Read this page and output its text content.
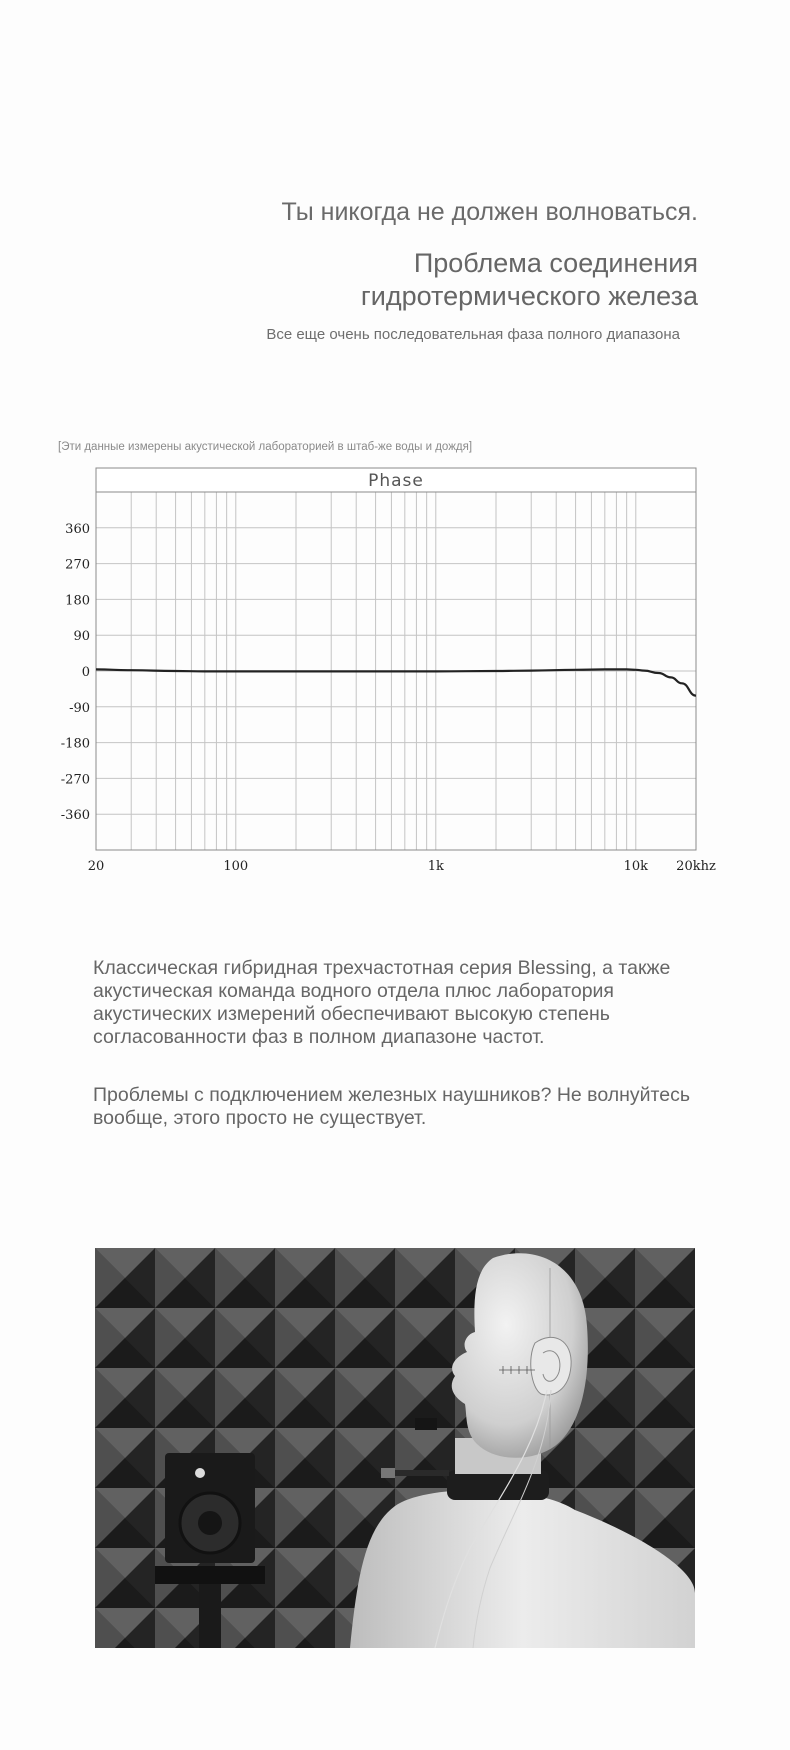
Ты никогда не должен волноваться.

Проблема соединения гидротермического железа

Все еще очень последовательная фаза полного диапазона
[Эти данные измерены акустической лабораторией в штаб-же воды и дождя]
Phase
360
270
180
90
0
-90
-180
-270
-360
20	100	1k	10k 20khz

Классическая гибридная трехчастотная серия Blessing, а также акустическая команда водного отдела плюс лаборатория акустических измерений обеспечивают высокую степень согласованности фаз в полном диапазоне частот.

Проблемы с подключением железных наушников? Не волнуйтесь вообще, этого просто не существует.
